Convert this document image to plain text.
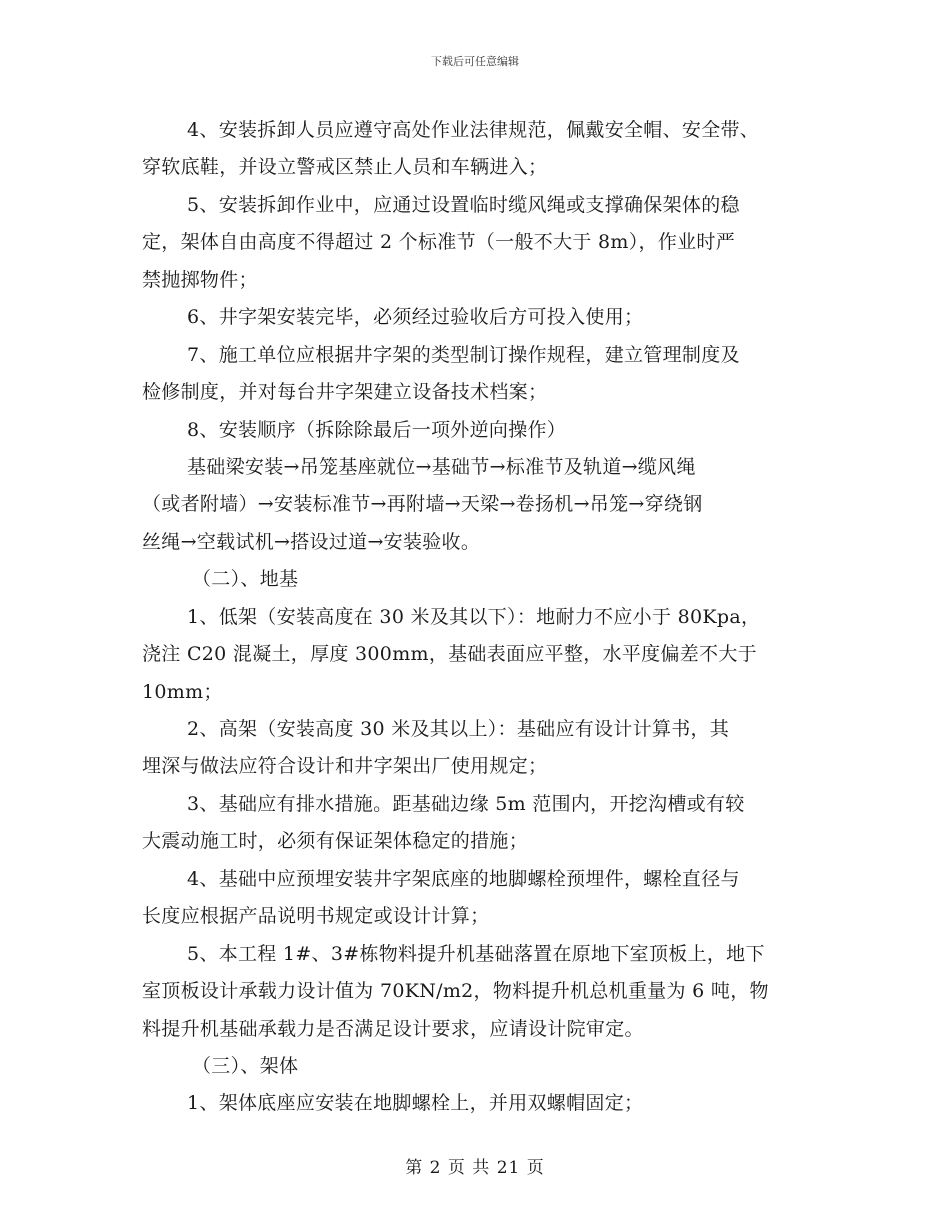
下载后可任意编辑
4、安装拆卸人员应遵守高处作业法律规范，佩戴安全帽、安全带、
穿软底鞋，并设立警戒区禁止人员和车辆进入；
5、安装拆卸作业中，应通过设置临时缆风绳或支撑确保架体的稳
定，架体自由高度不得超过 2 个标准节（一般不大于 8m），作业时严
禁抛掷物件；
6、井字架安装完毕，必须经过验收后方可投入使用；
7、施工单位应根据井字架的类型制订操作规程，建立管理制度及
检修制度，并对每台井字架建立设备技术档案；
8、安装顺序（拆除除最后一项外逆向操作）
基础梁安装→吊笼基座就位→基础节→标准节及轨道→缆风绳
（或者附墙）→安装标准节→再附墙→天梁→卷扬机→吊笼→穿绕钢
丝绳→空载试机→搭设过道→安装验收。
（二）、地基
1、低架（安装高度在 30 米及其以下）：地耐力不应小于 80Kpa，
浇注 C20 混凝土，厚度 300mm，基础表面应平整，水平度偏差不大于
10mm；
2、高架（安装高度 30 米及其以上）：基础应有设计计算书，其
埋深与做法应符合设计和井字架出厂使用规定；
3、基础应有排水措施。距基础边缘 5m 范围内，开挖沟槽或有较
大震动施工时，必须有保证架体稳定的措施；
4、基础中应预埋安装井字架底座的地脚螺栓预埋件，螺栓直径与
长度应根据产品说明书规定或设计计算；
5、本工程 1#、3#栋物料提升机基础落置在原地下室顶板上，地下
室顶板设计承载力设计值为 70KN/m2，物料提升机总机重量为 6 吨，物
料提升机基础承载力是否满足设计要求，应请设计院审定。
（三）、架体
1、架体底座应安装在地脚螺栓上，并用双螺帽固定；
第 2 页 共 21 页
